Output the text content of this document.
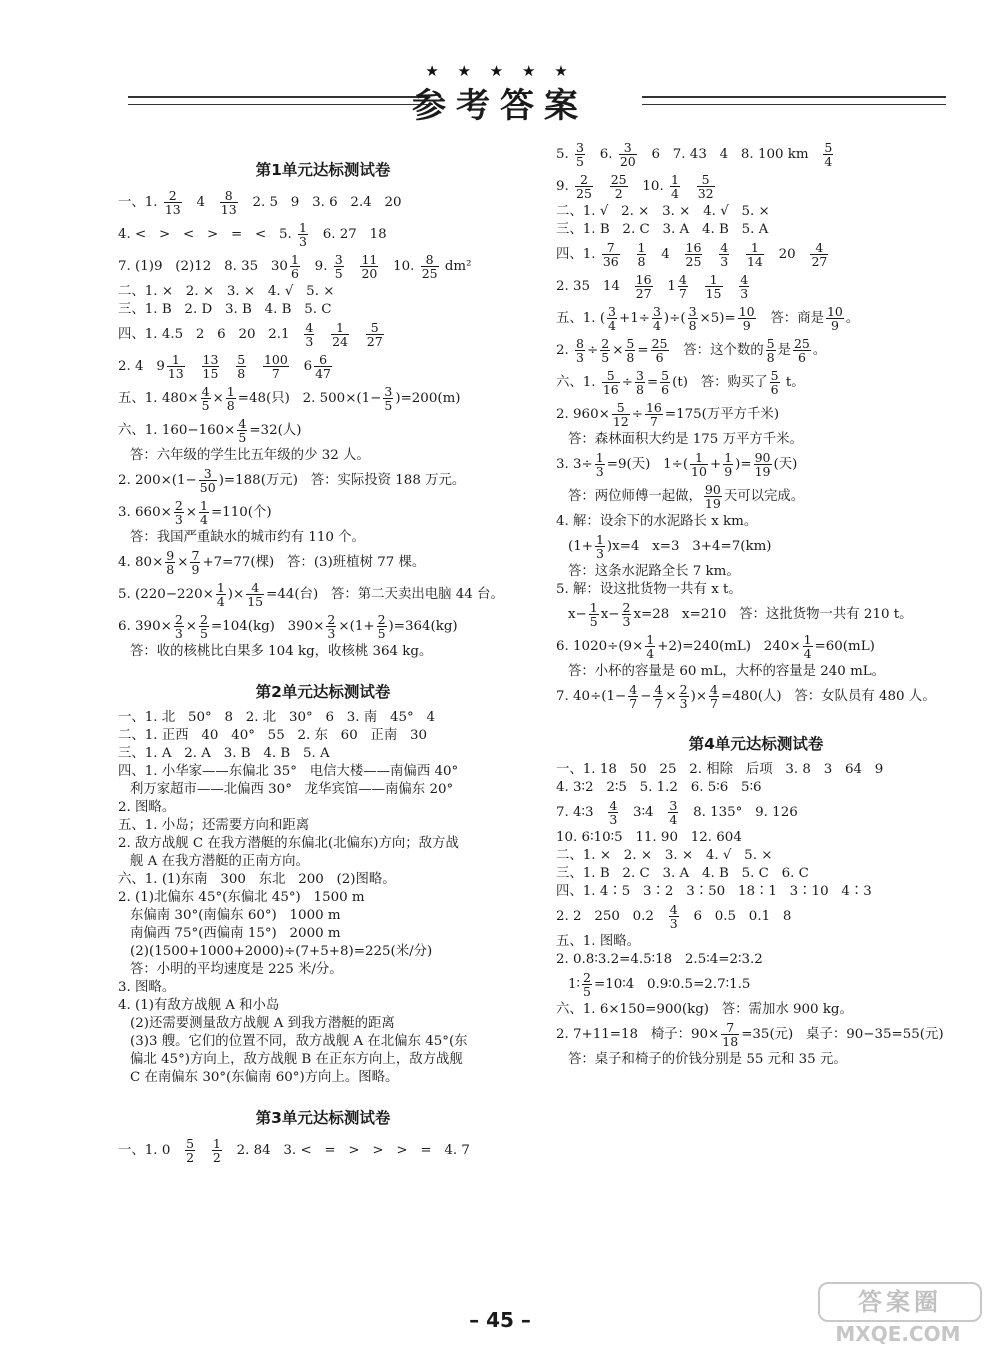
★ ★ ★ ★ ★
参考答案
第1单元达标测试卷
一、1. $\frac{2}{13} 4 \frac{8}{13} 2$. 5   9   3. 6   2.4   20
4. <   >   <   >   =   <   5. $\frac{1}{3} 6$. 27   18
7. (1)9   (2)12   8. 35   $30 \frac{1}{6} 9$. $\frac{3}{5}$
$\frac{11}{20} 10$. $\frac{8}{25} dm^2$
二、1. ×   2. ×   3. ×   4. √   5. ×
三、1. B   2. D   3. B   4. B   5. C
四、1. 4.5   2   6   20   $2.1 \frac{4}{3}$
$\frac{1}{24}$
$\frac{5}{27}$
2. 4   $9 \frac{1}{13}$
$\frac{13}{15}$
$\frac{5}{8}$
$\frac{100}{7} 6 \frac{6}{47}$
五、1. $480\times \frac{4}{5} \times \frac{1}{8} =48$(只)   2. $500\times(1- \frac{3}{5} )=200(m)$
六、1. $160-160\times \frac{4}{5} =32$(人)
答：六年级的学生比五年级的少 32 人。
2. $200\times(1- \frac{3}{50} )=188$(万元)   答：实际投资 188 万元。
3. $660\times \frac{2}{3} \times \frac{1}{4} =110$(个)
答：我国严重缺水的城市约有 110 个。
4. $80\times \frac{9}{8} \times \frac{7}{9} +7=77$(棵)   答：(3)班植树 77 棵。
5. ($220-220\times \frac{1}{4}$ )× $\frac{4}{15} =44$(台)   答：第二天卖出电脑 44 台。
6. $390\times \frac{2}{3} \times \frac{2}{5} =104(kg)$   $390\times \frac{2}{3} \times(1+ \frac{2}{5} )=364(kg)$
答：收的核桃比白果多 104 kg，收核桃 364 kg。
第2单元达标测试卷
一、1. 北   50°   8   2. 北   30°   6   3. 南   45°   4
二、1. 正西   40   40°   55   2. 东   60   正南   30
三、1. A   2. A   3. B   4. B   5. A
四、1. 小华家——东偏北 35°   电信大楼——南偏西 40°
利万家超市——北偏西 30°   龙华宾馆——南偏东 20°
2. 图略。
五、1. 小岛；还需要方向和距离
2. 敌方战舰 C 在我方潜艇的东偏北(北偏东)方向；敌方战
舰 A 在我方潜艇的正南方向。
六、1. (1)东南   300   东北   200   (2)图略。
2. (1)北偏东 45°(东偏北 45°)   1500 m
东偏南 30°(南偏东 60°)   1000 m
南偏西 75°(西偏南 15°)   2000 m
(2)(1500+1000+2000)÷(7+5+8)=225(米/分)
答：小明的平均速度是 225 米/分。
3. 图略。
4. (1)有敌方战舰 A 和小岛
(2)还需要测量敌方战舰 A 到我方潜艇的距离
(3)3 艘。它们的位置不同，敌方战舰 A 在北偏东 45°(东
偏北 45°)方向上，敌方战舰 B 在正东方向上，敌方战舰
C 在南偏东 30°(东偏南 60°)方向上。图略。
第3单元达标测试卷
一、1. $0 \frac{5}{2}$
$\frac{1}{2} 2$. 84   3. <   =   >   >   >   =   4. 7
5. $\frac{3}{5} 6$. $\frac{3}{20} 6$   7. 43   4   8. 100 km $\frac{5}{4}$
9. $\frac{2}{25}$
$\frac{25}{2} 10$. $\frac{1}{4}$
$\frac{5}{32}$
二、1. √   2. ×   3. ×   4. √   5. ×
三、1. B   2. C   3. A   4. B   5. A
四、1. $\frac{7}{36}$
$\frac{1}{8} 4 \frac{16}{25}$
$\frac{4}{3}$
$\frac{1}{14} 20 \frac{4}{27}$
2. 35   $14 \frac{16}{27} 1 \frac{4}{7}$
$\frac{1}{15}$
$\frac{4}{3}$
五、1. ( $\frac{3}{4} +1\div \frac{3}{4}$ )÷( $\frac{3}{8} \times 5)= \frac{10}{9}$ 答：商是 $\frac{10}{9}$ 。
2. $\frac{8}{3} \div \frac{2}{5} \times \frac{5}{8} = \frac{25}{6}$ 答：这个数的 $\frac{5}{8}$ 是 $\frac{25}{6}$ 。
六、1. $\frac{5}{16} \div \frac{3}{8} = \frac{5}{6} (t)$   答：购买了 $\frac{5}{6}$ t。
2. $960\times \frac{5}{12} \div \frac{16}{7} =175$(万平方千米)
答：森林面积大约是 175 万平方千米。
3. $3\div \frac{1}{3} =9$(天)   $1\div( \frac{1}{10} + \frac{1}{9}$ )= $\frac{90}{19}$ (天)
答：两位师傅一起做， $\frac{90}{19}$ 天可以完成。
4. 解：设余下的水泥路长 x km。
$(1+ \frac{1}{3} )x=4$   x=3   3+4=7(km)
答：这条水泥路全长 7 km。
5. 解：设这批货物一共有 x t。
$x- \frac{1}{5} x- \frac{2}{3} x=28$   x=210   答：这批货物一共有 210 t。
6. $1020\div(9\times \frac{1}{4} +2)=240(mL)$   $240\times \frac{1}{4} =60(mL)$
答：小杯的容量是 60 mL，大杯的容量是 240 mL。
7. $40\div(1- \frac{4}{7} - \frac{4}{7} \times \frac{2}{3}$ )× $\frac{4}{7} =480$(人)   答：女队员有 480 人。
第4单元达标测试卷
一、1. 18   50   25   2. 相除   后项   3. 8   3   64   9
4. 3∶2   2∶5   5. 1.2   6. 5∶6   5∶6
7. 4∶3 $\frac{4}{3}$ 3∶4 $\frac{3}{4} 8$. 135°   9. 126
10. 6∶10∶5   11. 90   12. 604
二、1. ×   2. ×   3. ×   4. √   5. ×
三、1. B   2. C   3. A   4. B   5. C   6. C
四、1. 4∶5   3∶2   3∶50   18∶1   3∶10   4∶3
2. 2   250   $0.2 \frac{4}{3} 6$   0.5   0.1   8
五、1. 图略。
2. 0.8∶3.2=4.5∶18   2.5∶4=2∶3.2
1∶ $\frac{2}{5}$ =10∶4   0.9∶0.5=2.7∶1.5
六、1. 6×150=900(kg)   答：需加水 900 kg。
2. 7+11=18   椅子：$90\times \frac{7}{18} =35$(元)   桌子：90−35=55(元)
答：桌子和椅子的价钱分别是 55 元和 35 元。
– 45 –
答案圈
MXQE.COM
